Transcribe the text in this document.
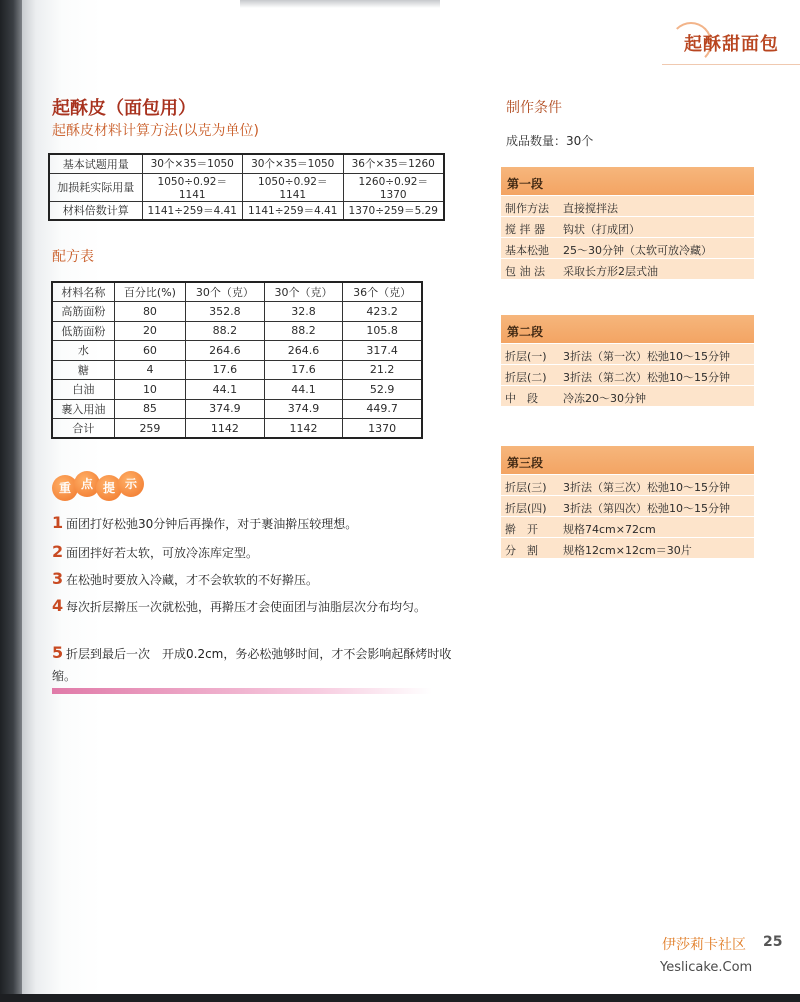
起酥甜面包
起酥皮（面包用）
起酥皮材料计算方法(以克为单位)
基本试题用量	30个×35＝1050	30个×35＝1050	36个×35＝1260
加损耗实际用量	1050÷0.92＝1141	1050÷0.92＝1141	1260÷0.92＝1370
材料倍数计算	1141÷259＝4.41	1141÷259＝4.41	1370÷259＝5.29
配方表
材料名称	百分比(%)	30个（克）	30个（克）	36个（克）
高筋面粉	80	352.8	32.8	423.2
低筋面粉	20	88.2	88.2	105.8
水	60	264.6	264.6	317.4
糖	4	17.6	17.6	21.2
白油	10	44.1	44.1	52.9
裹入用油	85	374.9	374.9	449.7
合计	259	1142	1142	1370
重 点 提 示
1 面团打好松弛30分钟后再操作，对于裹油擀压较理想。
2 面团拌好若太软，可放冷冻库定型。
3 在松弛时要放入冷藏，才不会软软的不好擀压。
4 每次折层擀压一次就松弛，再擀压才会使面团与油脂层次分布均匀。
5 折层到最后一次　开成0.2cm，务必松弛够时间，才不会影响起酥烤时收缩。
制作条件
成品数量：30个
第一段
制作方法 直接搅拌法
搅 拌 器 钩状（打成团）
基本松弛 25～30分钟（太软可放冷藏）
包 油 法 采取长方形2层式油
第二段
折层(一) 3折法（第一次）松弛10～15分钟
折层(二) 3折法（第二次）松弛10～15分钟
中　段 冷冻20～30分钟
第三段
折层(三) 3折法（第三次）松弛10～15分钟
折层(四) 3折法（第四次）松弛10～15分钟
擀　开 规格74cm×72cm
分　割 规格12cm×12cm＝30片
伊莎莉卡社区 25
Yeslicake.Com
